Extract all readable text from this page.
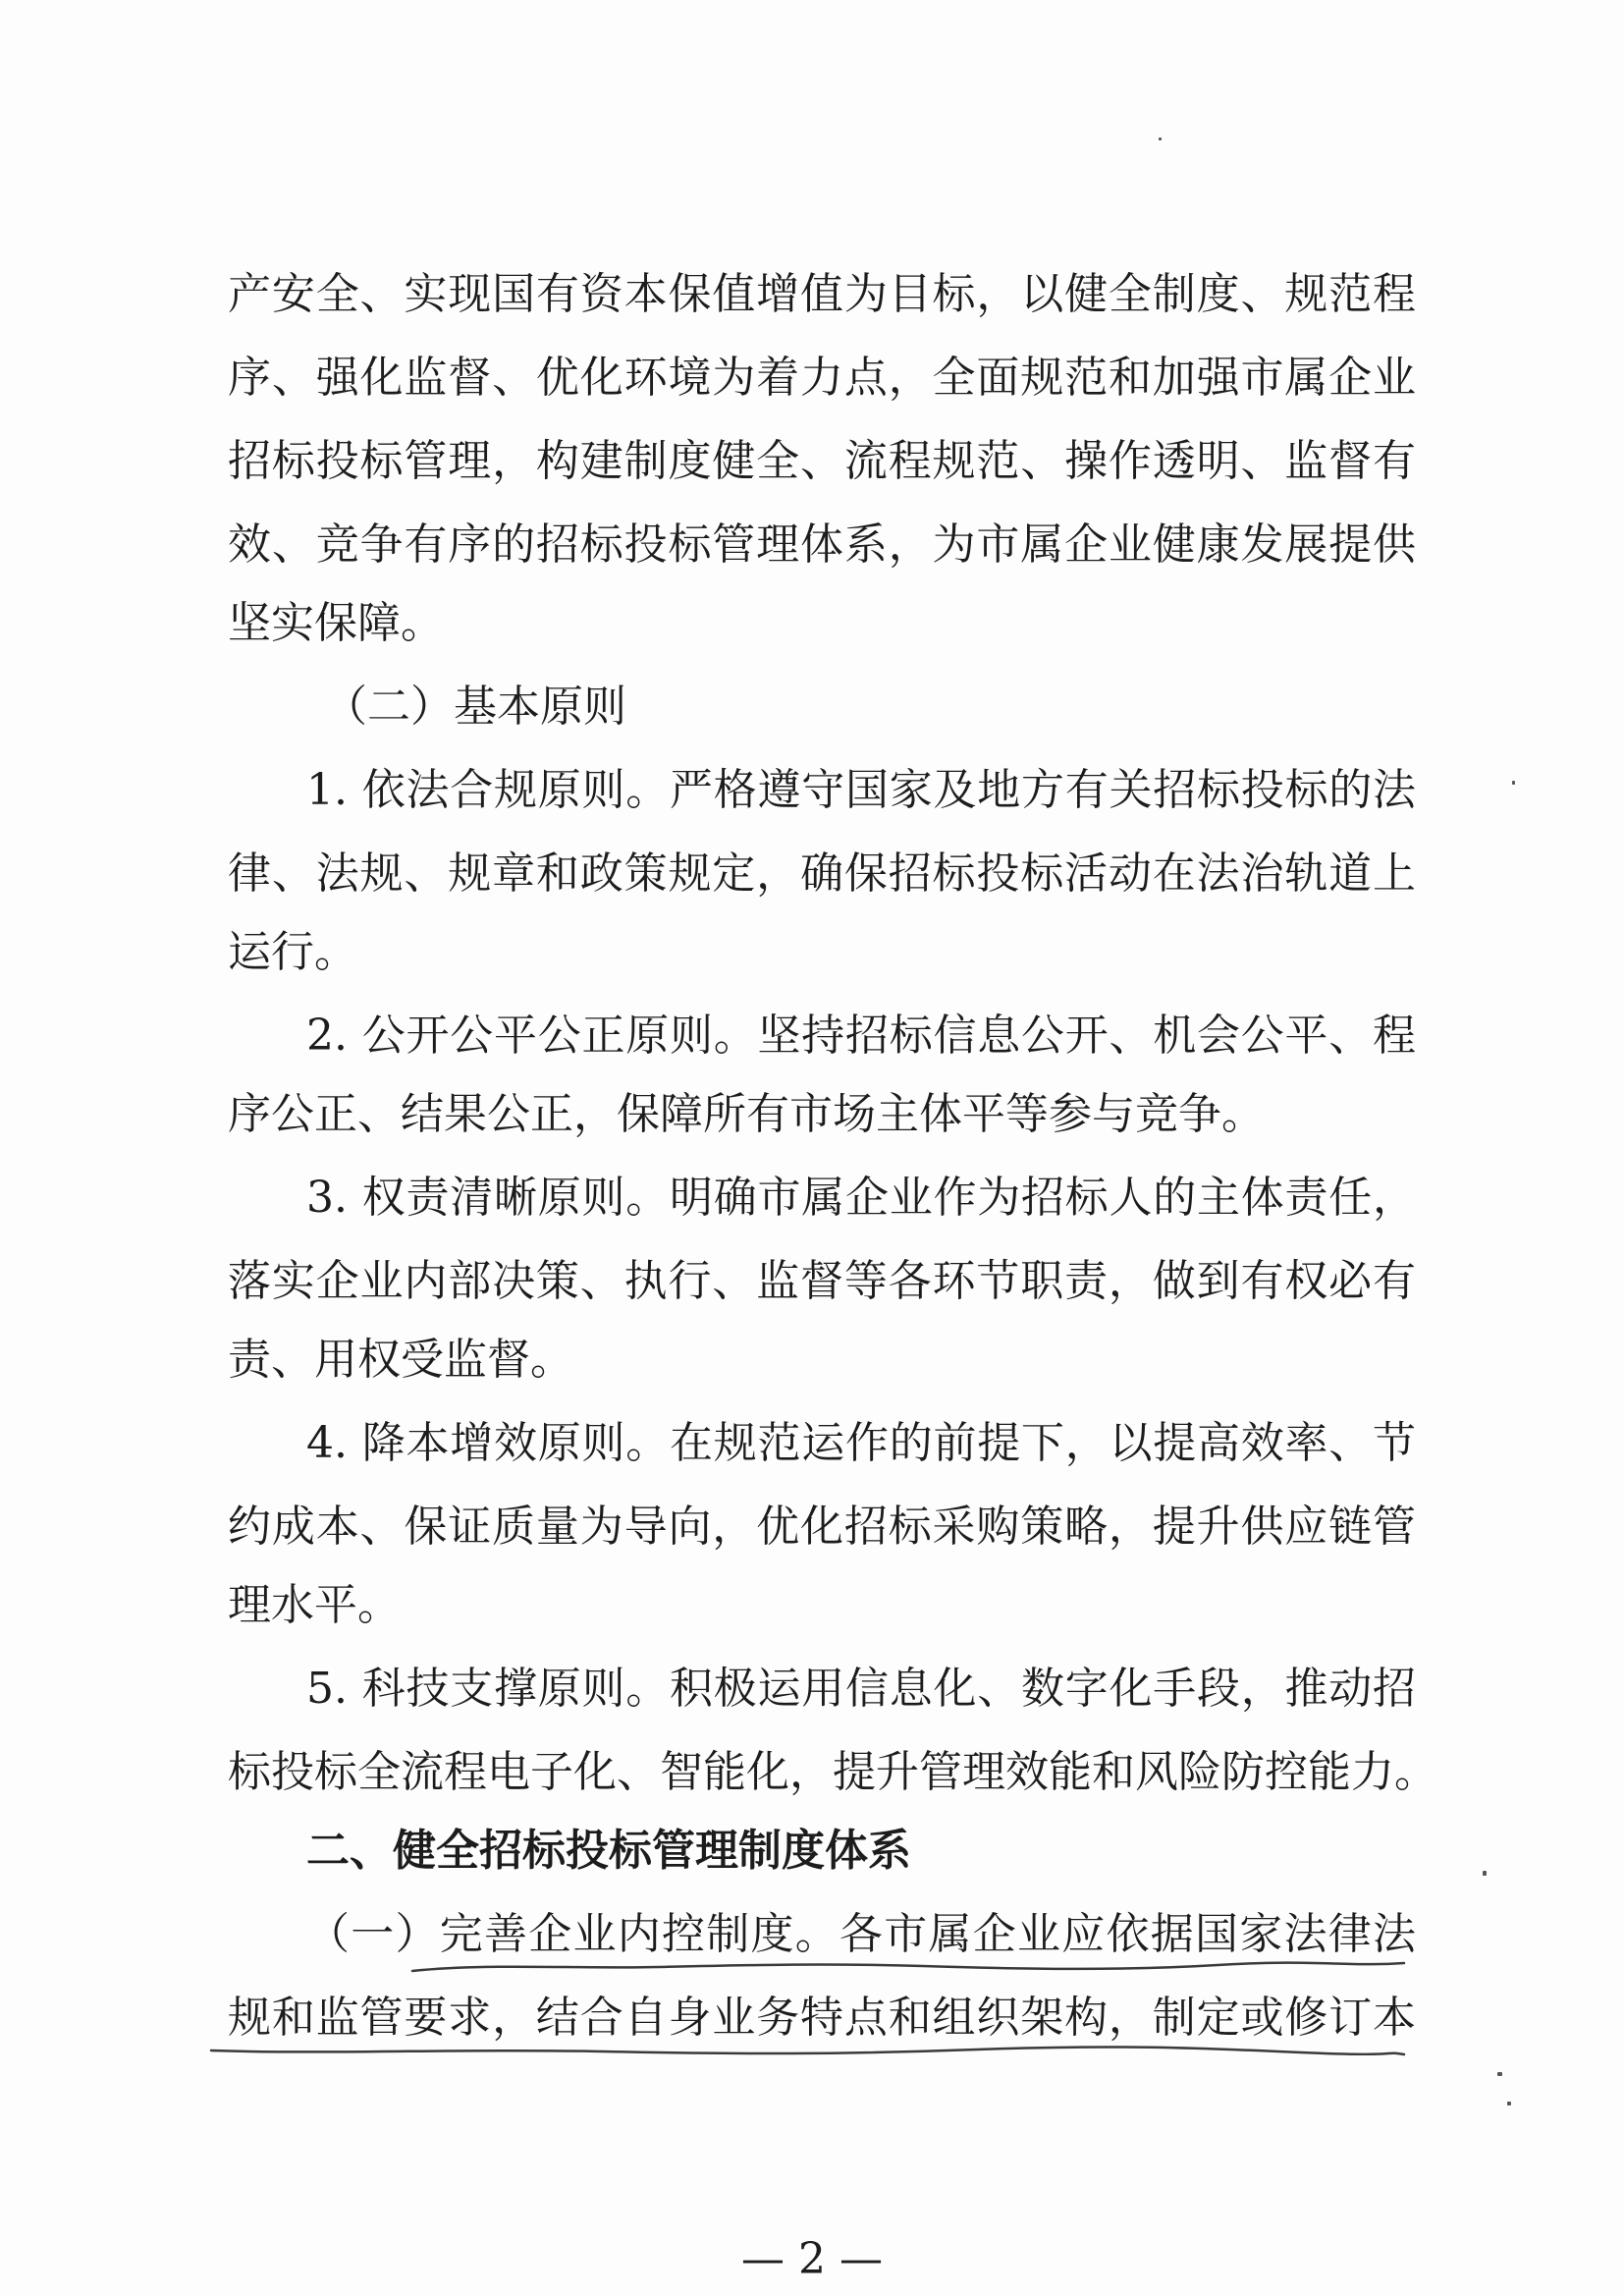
产安全、实现国有资本保值增值为目标，以健全制度、规范程
序、强化监督、优化环境为着力点，全面规范和加强市属企业
招标投标管理，构建制度健全、流程规范、操作透明、监督有
效、竞争有序的招标投标管理体系，为市属企业健康发展提供
坚实保障。
（二）基本原则
1. 依法合规原则。严格遵守国家及地方有关招标投标的法
律、法规、规章和政策规定，确保招标投标活动在法治轨道上
运行。
2. 公开公平公正原则。坚持招标信息公开、机会公平、程
序公正、结果公正，保障所有市场主体平等参与竞争。
3. 权责清晰原则。明确市属企业作为招标人的主体责任，
落实企业内部决策、执行、监督等各环节职责，做到有权必有
责、用权受监督。
4. 降本增效原则。在规范运作的前提下，以提高效率、节
约成本、保证质量为导向，优化招标采购策略，提升供应链管
理水平。
5. 科技支撑原则。积极运用信息化、数字化手段，推动招
标投标全流程电子化、智能化，提升管理效能和风险防控能力。
二、健全招标投标管理制度体系
（一）完善企业内控制度。各市属企业应依据国家法律法
规和监管要求，结合自身业务特点和组织架构，制定或修订本
— 2 —
